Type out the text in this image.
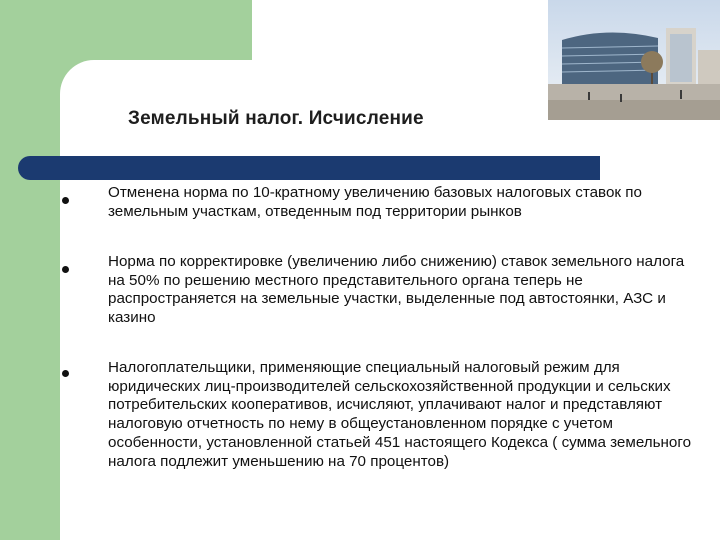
Земельный налог. Исчисление
Отменена норма по 10-кратному увеличению базовых налоговых ставок по земельным участкам, отведенным под территории рынков
Норма по корректировке (увеличению либо снижению) ставок земельного налога на 50% по решению местного представительного органа теперь не распространяется на земельные участки, выделенные под автостоянки, АЗС и казино
Налогоплательщики, применяющие специальный налоговый режим для юридических лиц-производителей сельскохозяйственной продукции и сельских потребительских кооперативов, исчисляют, уплачивают налог и представляют налоговую отчетность по нему в общеустановленном порядке с учетом особенности, установленной статьей 451 настоящего Кодекса ( сумма земельного налога подлежит уменьшению на 70 процентов)
